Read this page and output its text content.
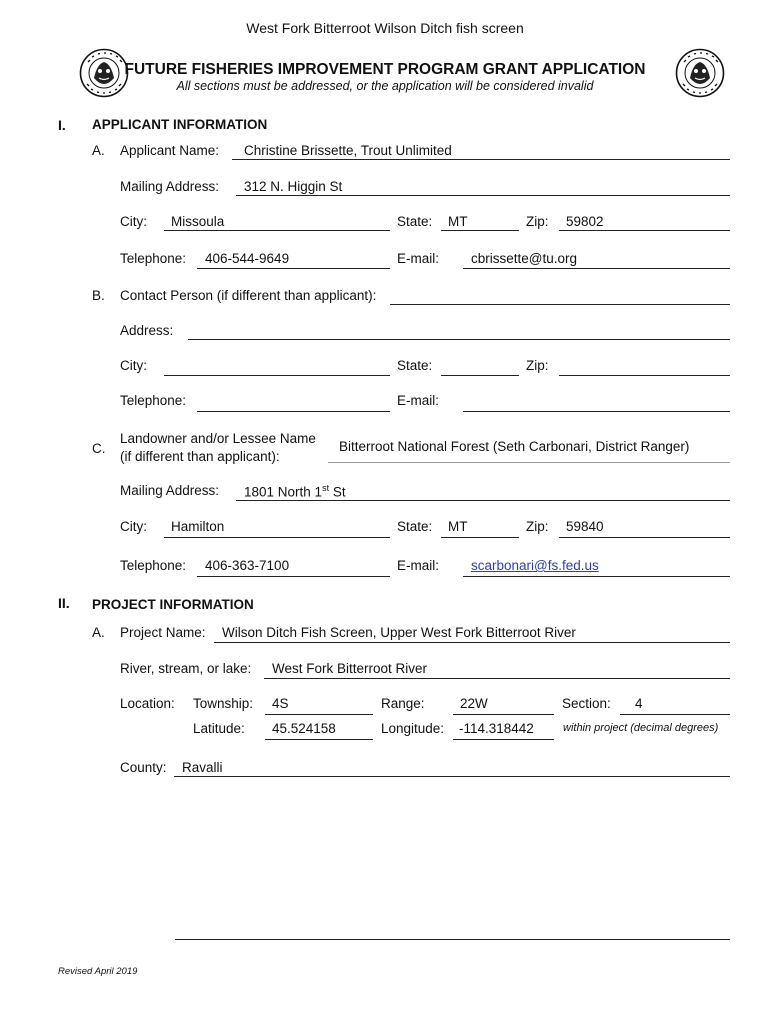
West Fork Bitterroot Wilson Ditch fish screen
FUTURE FISHERIES IMPROVEMENT PROGRAM GRANT APPLICATION
All sections must be addressed, or the application will be considered invalid
I. APPLICANT INFORMATION
A. Applicant Name: Christine Brissette, Trout Unlimited
Mailing Address: 312 N. Higgin St
City: Missoula	State: MT	Zip: 59802
Telephone: 406-544-9649	E-mail: cbrissette@tu.org
B. Contact Person (if different than applicant):
Address:
City:	State:	Zip:
Telephone:	E-mail:
C.
Landowner and/or Lessee Name
(if different than applicant):
Bitterroot National Forest (Seth Carbonari, District Ranger)
Mailing Address: 1801 North 1st St
City: Hamilton	State: MT	Zip: 59840
Telephone: 406-363-7100	E-mail: scarbonari@fs.fed.us
II. PROJECT INFORMATION
A. Project Name: Wilson Ditch Fish Screen, Upper West Fork Bitterroot River
River, stream, or lake: West Fork Bitterroot River
Location: Township: 4S	Range:	22W	Section: 4
Latitude: 45.524158	Longitude: -114.318442	within project (decimal degrees)
County: Ravalli
Revised April 2019
